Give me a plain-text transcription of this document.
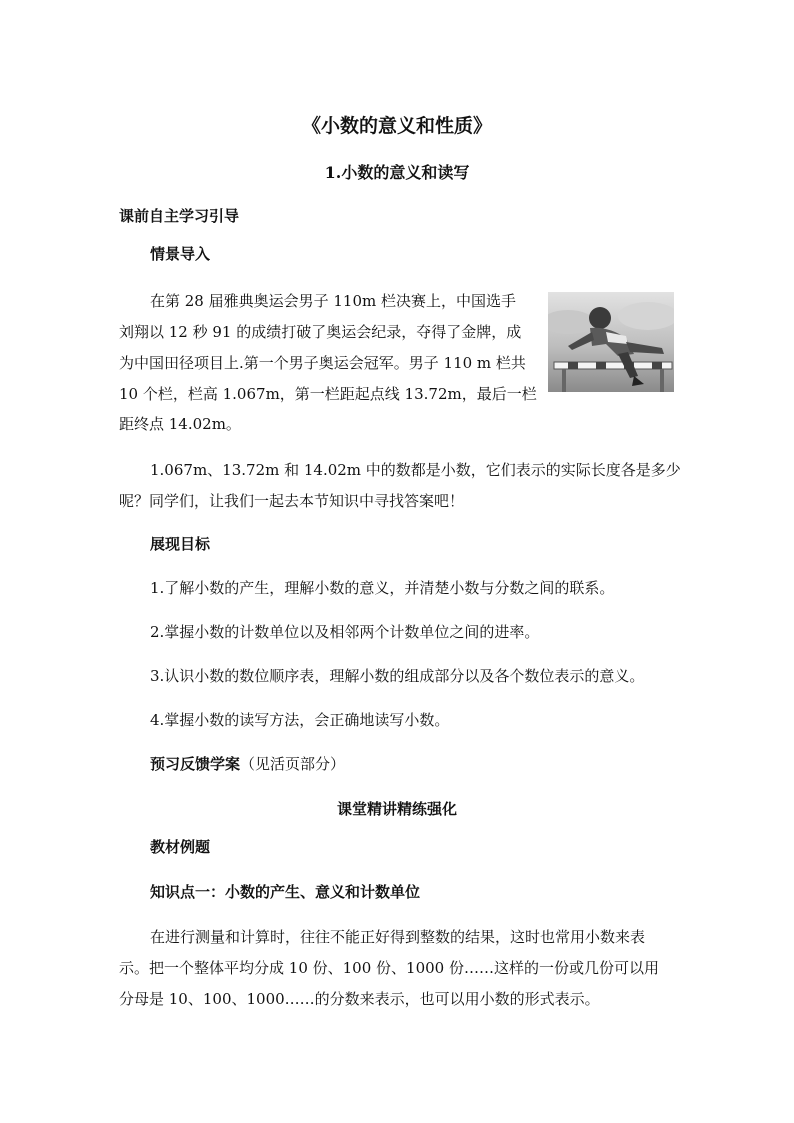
《小数的意义和性质》
1.小数的意义和读写
课前自主学习引导
情景导入
在第 28 届雅典奥运会男子 110m 栏决赛上，中国选手
刘翔以 12 秒 91 的成绩打破了奥运会纪录，夺得了金牌，成
为中国田径项目上.第一个男子奥运会冠军。男子 110 m 栏共
10 个栏，栏高 1.067m，第一栏距起点线 13.72m，最后一栏
距终点 14.02m。
1.067m、13.72m 和 14.02m 中的数都是小数，它们表示的实际长度各是多少
呢？同学们，让我们一起去本节知识中寻找答案吧！
展现目标
1.了解小数的产生，理解小数的意义，并清楚小数与分数之间的联系。
2.掌握小数的计数单位以及相邻两个计数单位之间的进率。
3.认识小数的数位顺序表，理解小数的组成部分以及各个数位表示的意义。
4.掌握小数的读写方法，会正确地读写小数。
预习反馈学案（见活页部分）
课堂精讲精练强化
教材例题
知识点一：小数的产生、意义和计数单位
在进行测量和计算时，往往不能正好得到整数的结果，这时也常用小数来表
示。把一个整体平均分成 10 份、100 份、1000 份……这样的一份或几份可以用
分母是 10、100、1000……的分数来表示，也可以用小数的形式表示。
